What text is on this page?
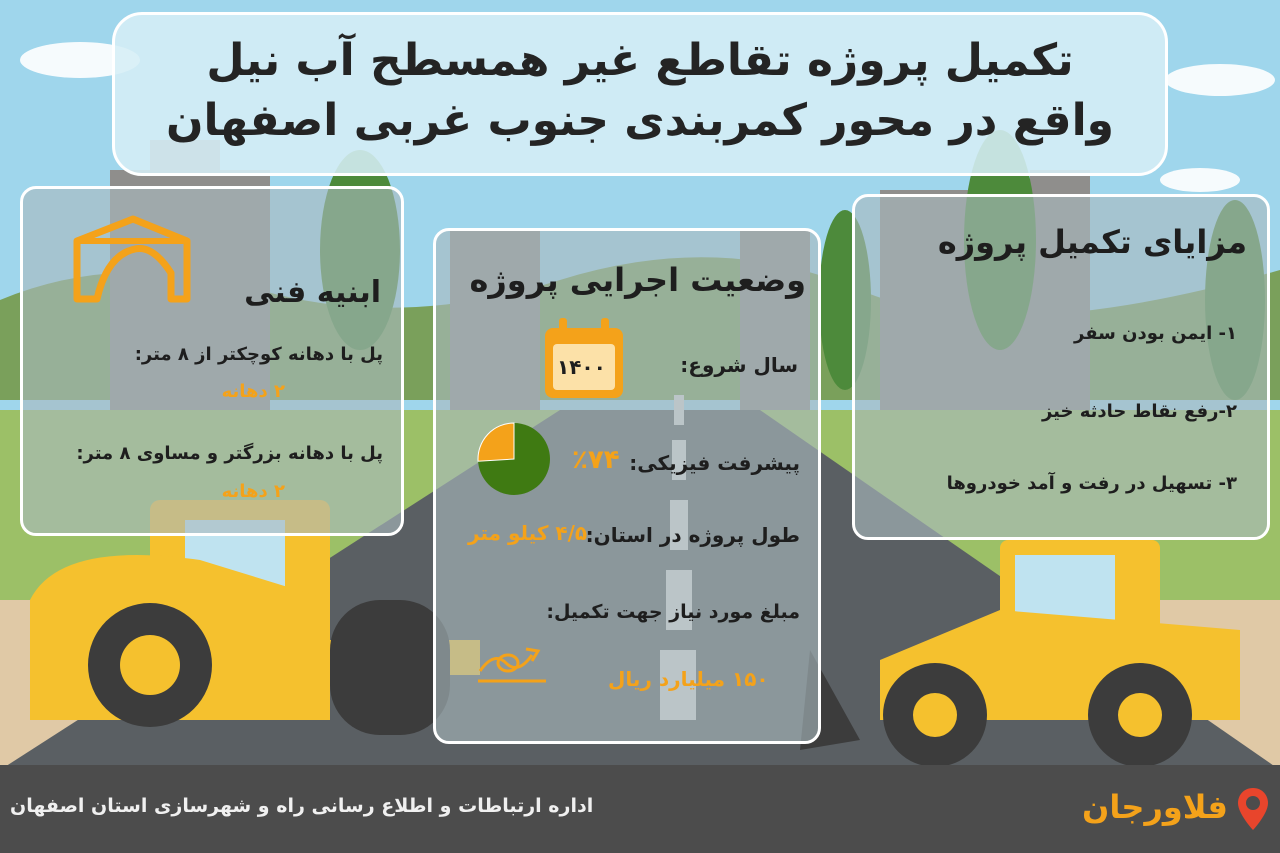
تکمیل پروژه تقاطع غیر همسطح آب نیل
واقع در محور کمربندی جنوب غربی اصفهان
ابنیه فنی
پل با دهانه کوچکتر از ۸ متر:
۲ دهانه
پل با دهانه بزرگتر و مساوی ۸ متر:
۲ دهانه
وضعیت اجرایی پروژه
۱۴۰۰	سال شروع:
٪۷۴ پیشرفت فیزیکی:
طول پروژه در استان:
۴/۵ کیلو متر
مبلغ مورد نیاز جهت تکمیل:
۱۵۰ میلیارد ریال
مزایای تکمیل پروژه
۱- ایمن بودن سفر
۲-رفع نقاط حادثه خیز
۳- تسهیل در رفت و آمد خودروها
اداره ارتباطات و اطلاع رسانی راه و شهرسازی استان اصفهان	فلاورجان
